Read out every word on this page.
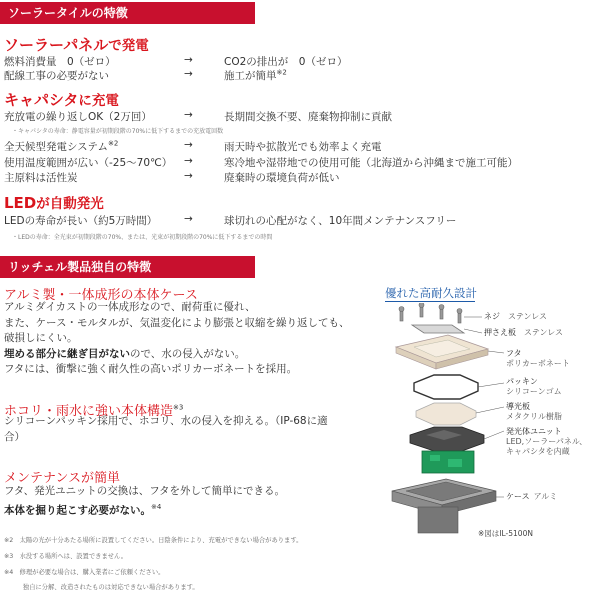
ソーラータイルの特徴
ソーラーパネルで発電
燃料消費量　0（ゼロ）	→	CO2の排出が　0（ゼロ）
配線工事の必要がない	→	施工が簡単$^{※2}$
キャパシタに充電
充放電の繰り返しOK（2万回）	→	長期間交換不要、廃棄物抑制に貢献
・キャパシタの寿命：静電容量が初期段階の70%に低下するまでの充放電回数
全天候型発電システム$^{※2}$	→	雨天時や拡散光でも効率よく充電
使用温度範囲が広い（-25〜70℃） →	寒冷地や湿帯地での使用可能（北海道から沖縄まで施工可能）
主原料は活性炭	→	廃棄時の環境負荷が低い
LEDが自動発光
LEDの寿命が長い（約5万時間）	→	球切れの心配がなく、10年間メンテナンスフリー
・LEDの寿命：全光束が初期段階の70%、または、光束が初期段階の70%に低下するまでの時間
リッチェル製品独自の特徴
アルミ製・一体成形の本体ケース
アルミダイカストの一体成形なので、耐荷重に優れ、
また、ケース・モルタルが、気温変化により膨張と収縮を繰り返しても、
破損しにくい。
埋める部分に継ぎ目がないので、水の侵入がない。
フタには、衝撃に強く耐久性の高いポリカーボネートを採用。
ホコリ・雨水に強い本体構造$^{※3}$
シリコーンパッキン採用で、ホコリ、水の侵入を抑える。（IP-68に適
合）
メンテナンスが簡単
フタ、発光ユニットの交換は、フタを外して簡単にできる。
本体を掘り起こす必要がない。$^{※4}$
優れた高耐久設計
ネジ  ステンレス
押さえ板  ステンレス
フタ
ポリカーボネート
パッキン
シリコーンゴム
導光板
メタクリル樹脂
発光体ユニット
LED,ソーラーパネル、
キャパシタを内蔵
ケース  アルミ
※図はIL-5100N
※2　太陽の光が十分あたる場所に設置してください。日陰条件により、充電ができない場合があります。
※3　水没する場所へは、設置できません。
※4　修理が必要な場合は、購入業者にご依頼ください。
　　　独自に分解、改造されたものは対応できない場合があります。
